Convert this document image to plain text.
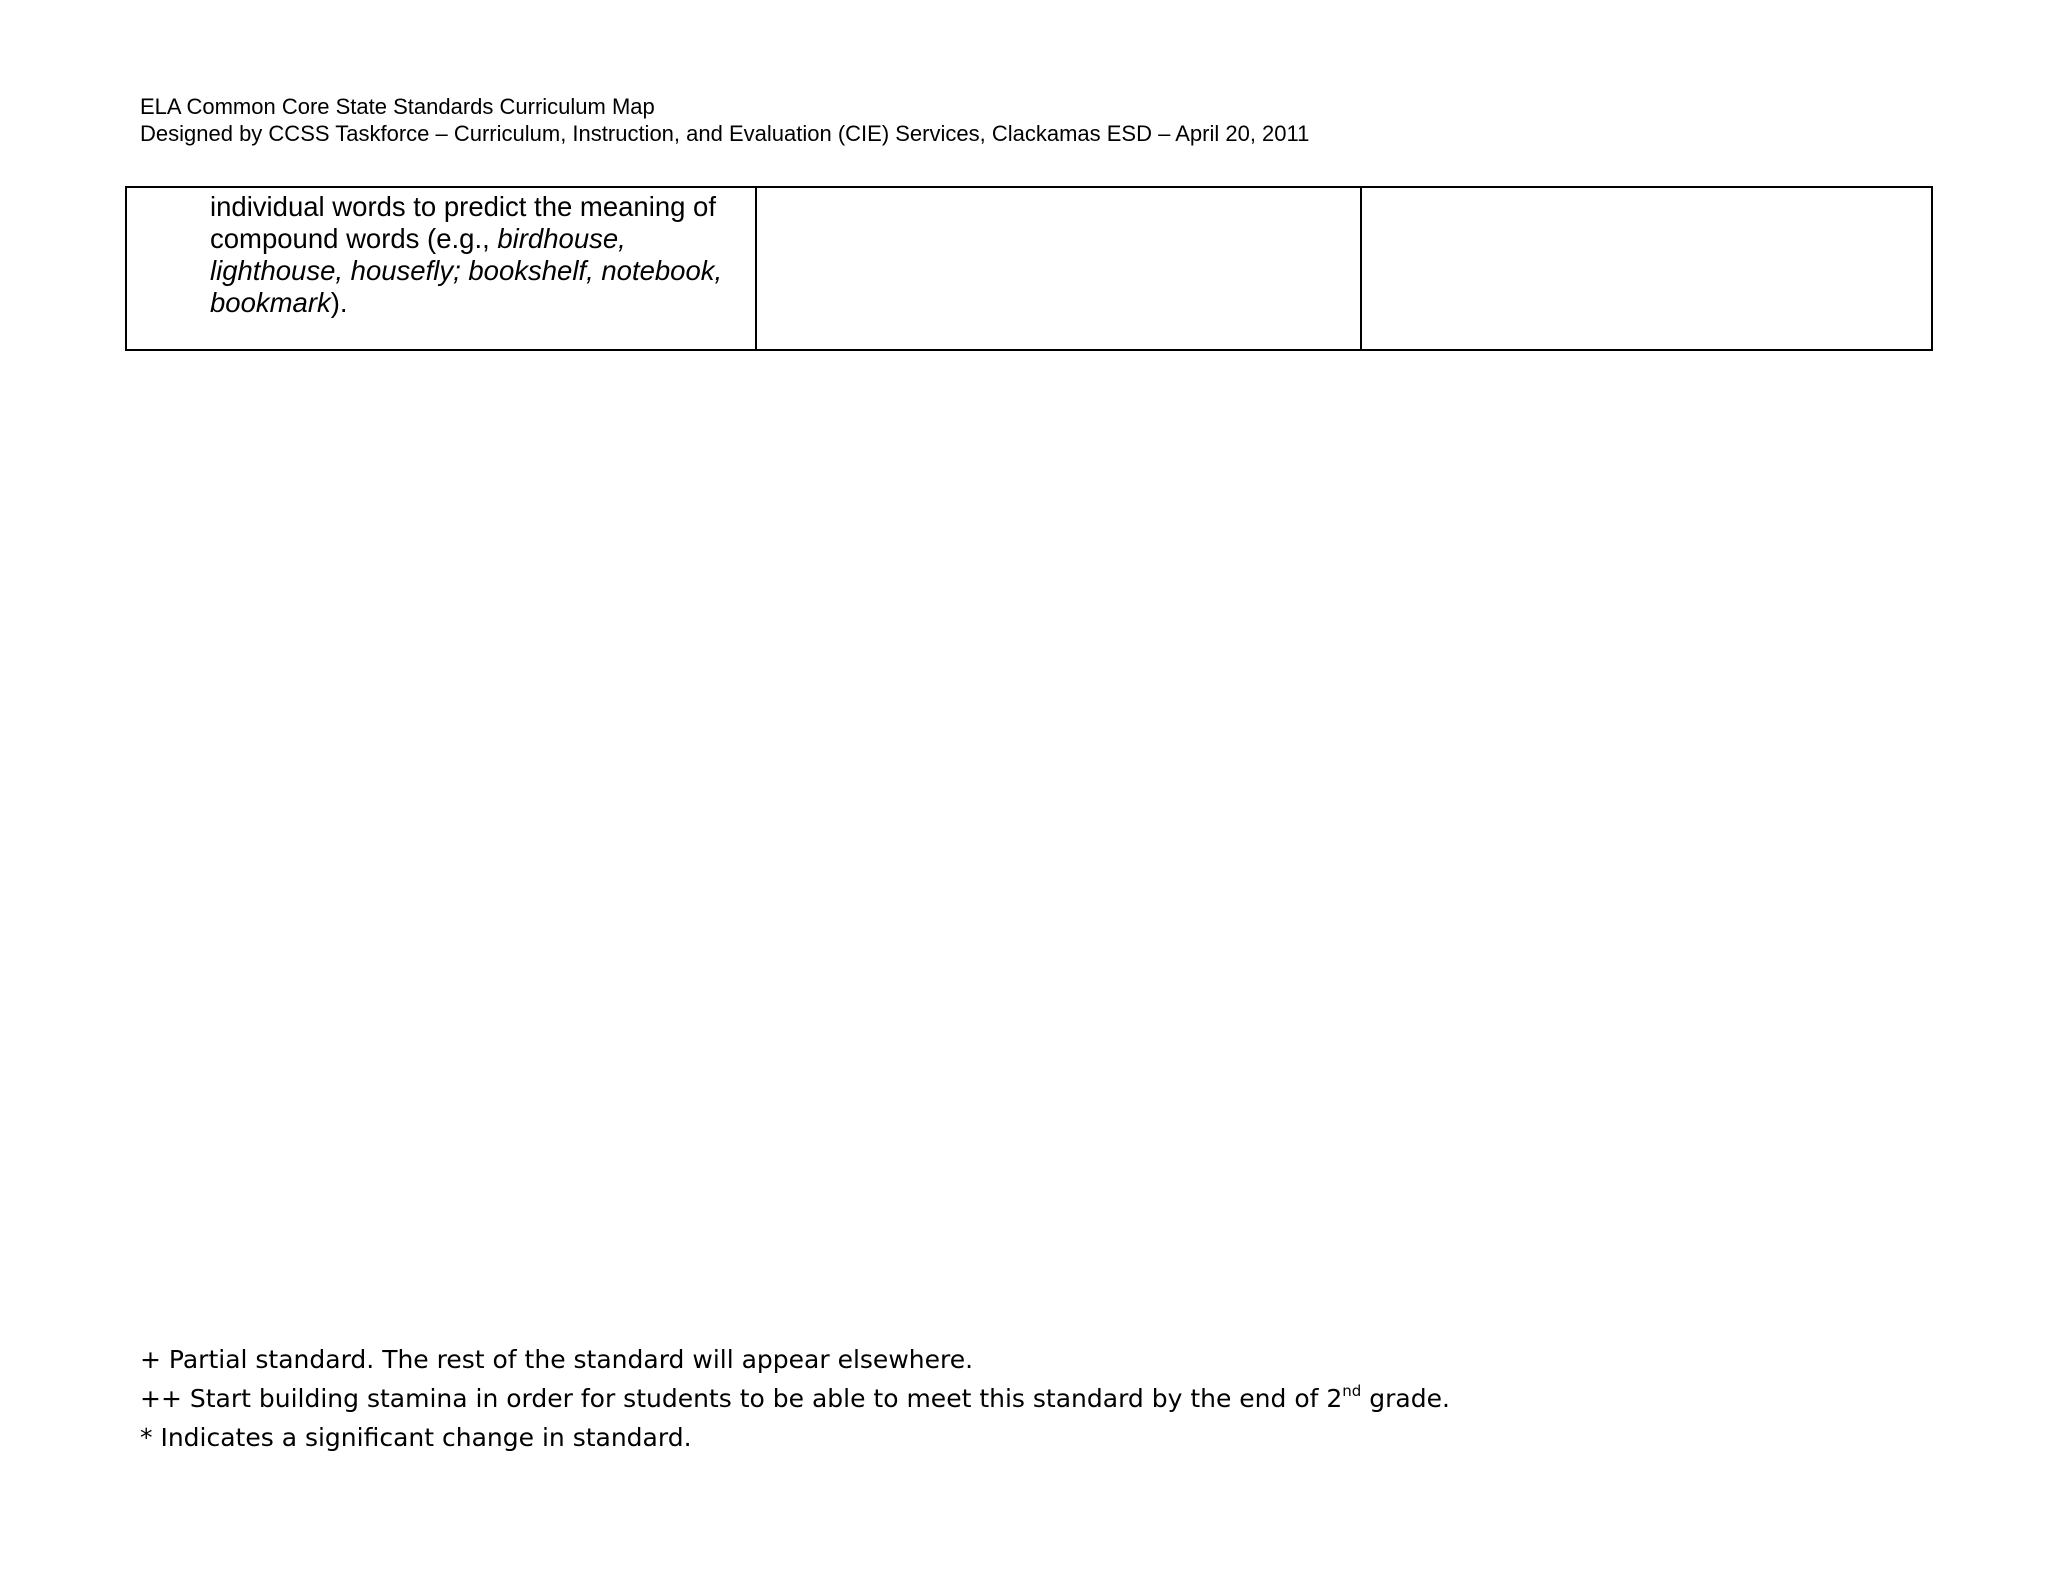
ELA Common Core State Standards Curriculum Map
Designed by CCSS Taskforce – Curriculum, Instruction, and Evaluation (CIE) Services, Clackamas ESD – April 20, 2011
individual words to predict the meaning of
compound words (e.g., birdhouse,
lighthouse, housefly; bookshelf, notebook,
bookmark).

+ Partial standard. The rest of the standard will appear elsewhere.
++ Start building stamina in order for students to be able to meet this standard by the end of 2nd grade.
* Indicates a significant change in standard.
